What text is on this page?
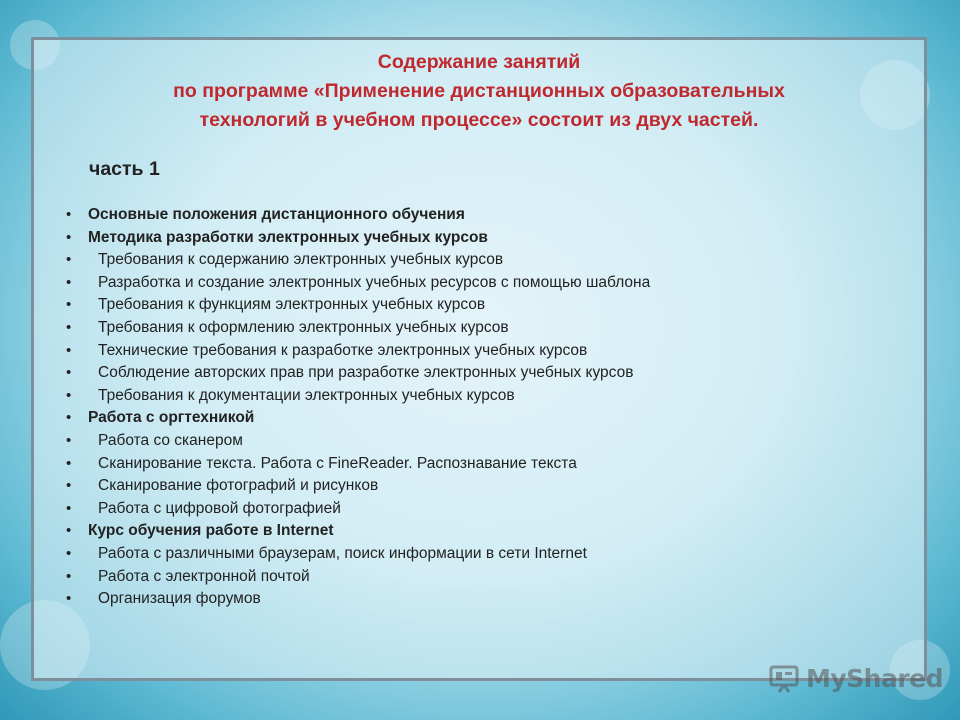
Содержание занятий
по программе «Применение дистанционных образовательных
технологий в учебном процессе» состоит из двух частей.

часть 1

• Основные положения дистанционного обучения
• Методика разработки электронных учебных курсов
• Требования к содержанию электронных учебных курсов
• Разработка и создание электронных учебных ресурсов с помощью шаблона
• Требования к функциям электронных учебных курсов
• Требования к оформлению электронных учебных курсов
• Технические требования к разработке электронных учебных курсов
• Соблюдение авторских прав при разработке электронных учебных курсов
• Требования к документации электронных учебных курсов
• Работа с оргтехникой
• Работа со сканером
• Сканирование текста. Работа с FineReader. Распознавание текста
• Сканирование фотографий и рисунков
• Работа с цифровой фотографией
• Курс обучения работе в Internet
• Работа с различными браузерам, поиск информации в сети Internet
• Работа с электронной почтой
• Организация форумов
MyShared
